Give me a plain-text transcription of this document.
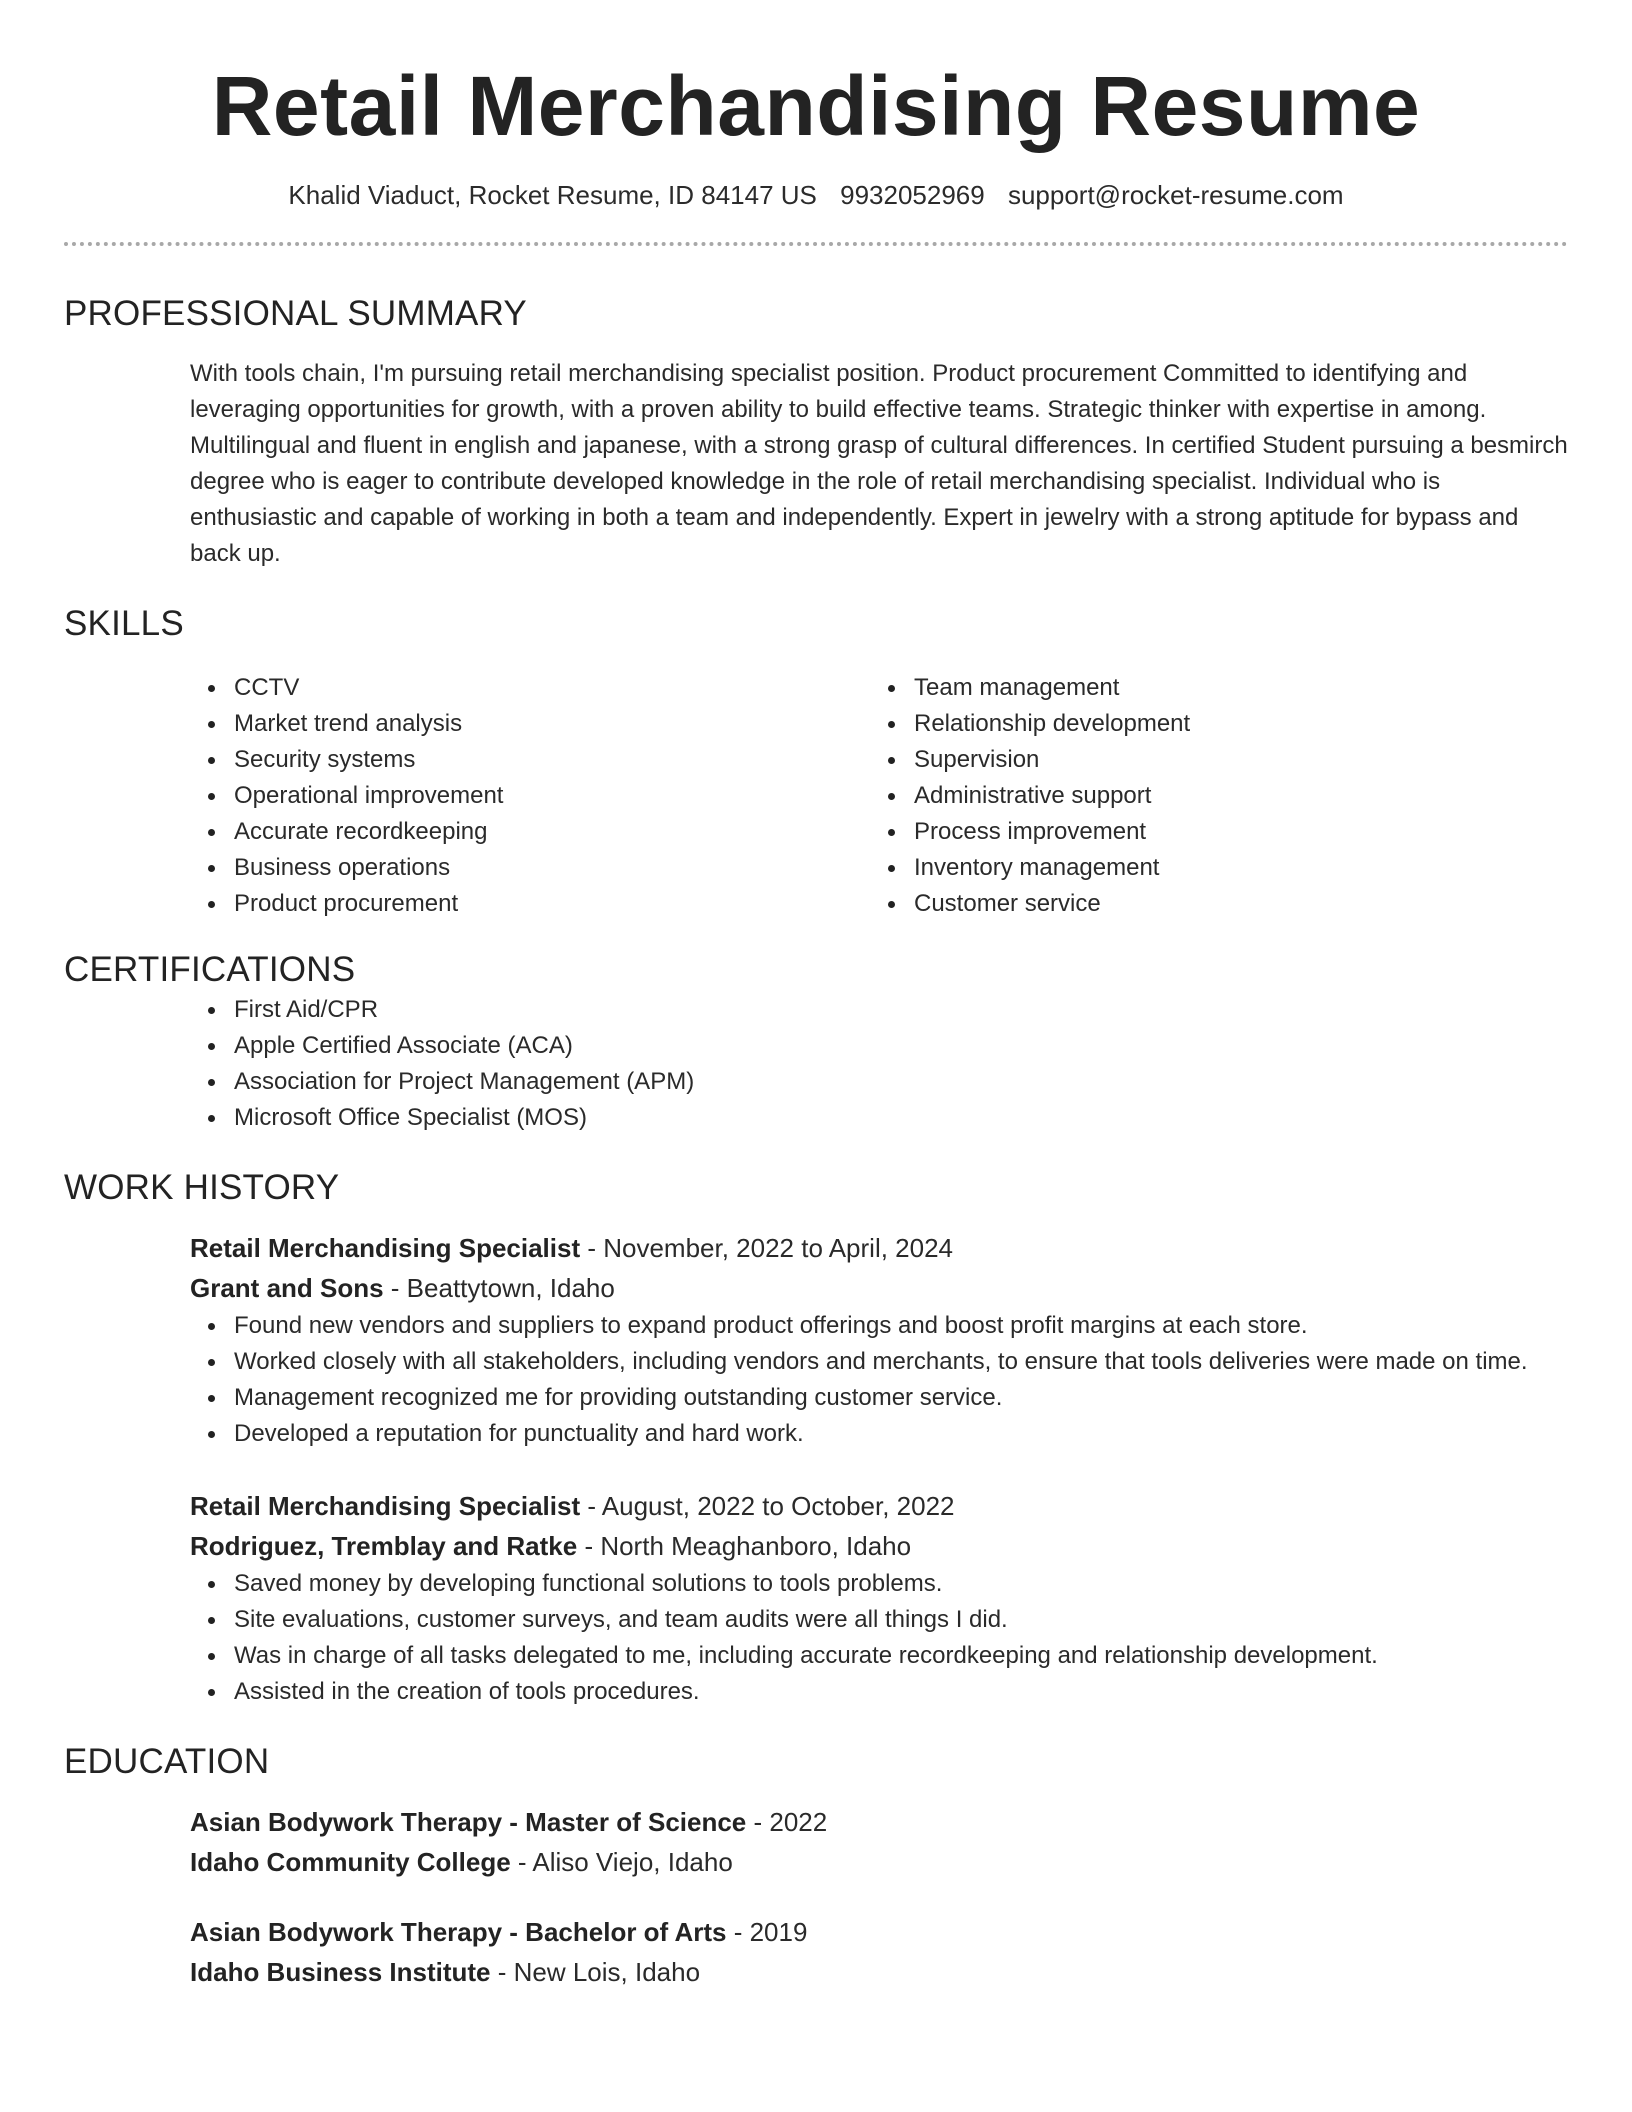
Retail Merchandising Resume
Khalid Viaduct, Rocket Resume, ID 84147 US 9932052969 support@rocket-resume.com
PROFESSIONAL SUMMARY

With tools chain, I'm pursuing retail merchandising specialist position. Product procurement Committed to identifying and leveraging opportunities for growth, with a proven ability to build effective teams. Strategic thinker with expertise in among. Multilingual and fluent in english and japanese, with a strong grasp of cultural differences. In certified Student pursuing a besmirch degree who is eager to contribute developed knowledge in the role of retail merchandising specialist. Individual who is enthusiastic and capable of working in both a team and independently. Expert in jewelry with a strong aptitude for bypass and back up.

SKILLS
CCTV
Market trend analysis
Security systems
Operational improvement
Accurate recordkeeping
Business operations
Product procurement
Team management
Relationship development
Supervision
Administrative support
Process improvement
Inventory management
Customer service
CERTIFICATIONS
First Aid/CPR
Apple Certified Associate (ACA)
Association for Project Management (APM)
Microsoft Office Specialist (MOS)
WORK HISTORY
Retail Merchandising Specialist - November, 2022 to April, 2024
Grant and Sons - Beattytown, Idaho
Found new vendors and suppliers to expand product offerings and boost profit margins at each store.
Worked closely with all stakeholders, including vendors and merchants, to ensure that tools deliveries were made on time.
Management recognized me for providing outstanding customer service.
Developed a reputation for punctuality and hard work.
Retail Merchandising Specialist - August, 2022 to October, 2022
Rodriguez, Tremblay and Ratke - North Meaghanboro, Idaho
Saved money by developing functional solutions to tools problems.
Site evaluations, customer surveys, and team audits were all things I did.
Was in charge of all tasks delegated to me, including accurate recordkeeping and relationship development.
Assisted in the creation of tools procedures.
EDUCATION
Asian Bodywork Therapy - Master of Science - 2022
Idaho Community College - Aliso Viejo, Idaho
Asian Bodywork Therapy - Bachelor of Arts - 2019
Idaho Business Institute - New Lois, Idaho
